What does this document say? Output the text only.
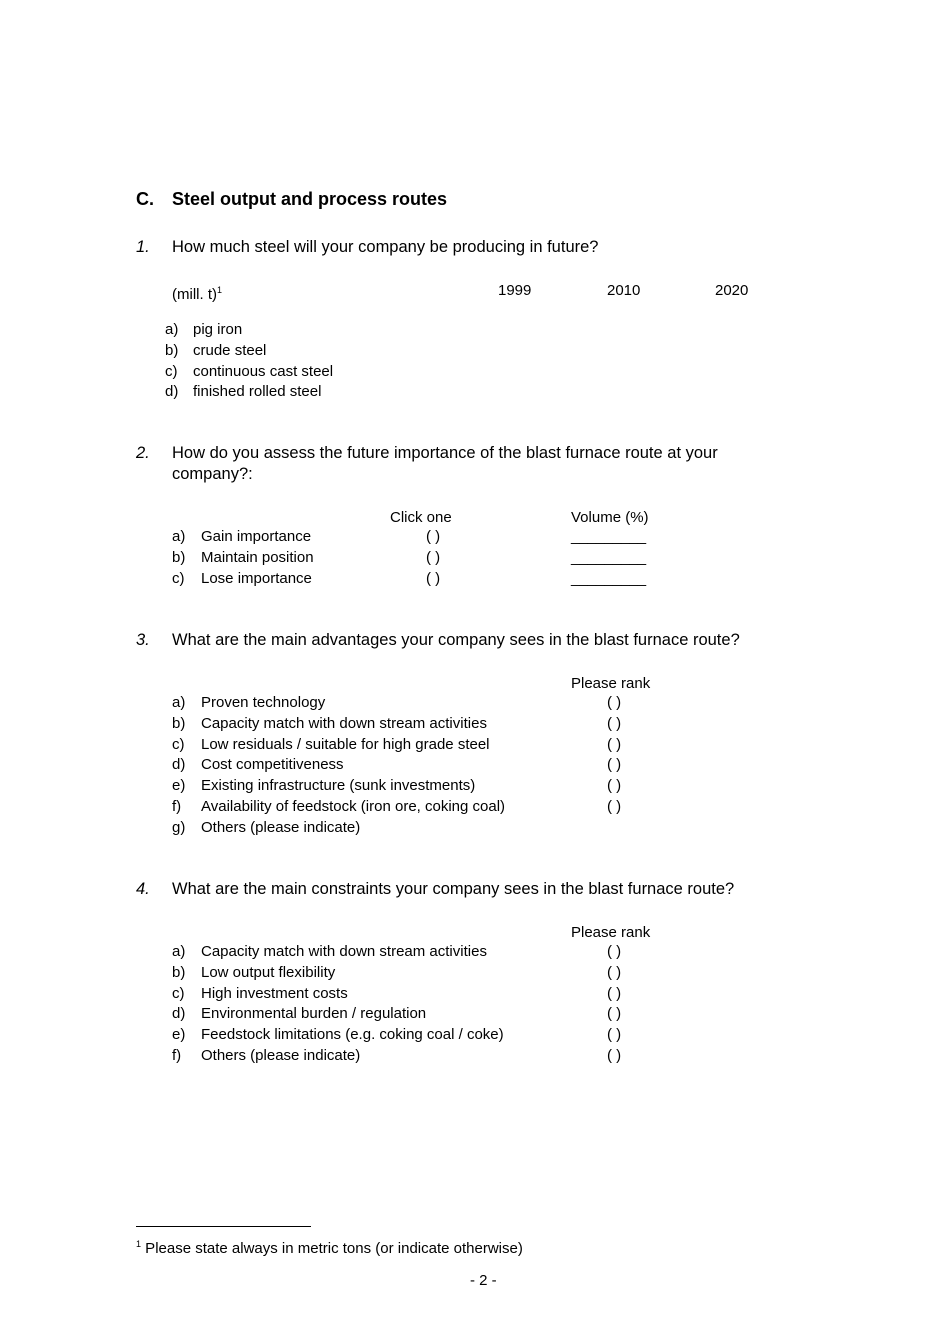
C. Steel output and process routes
1. How much steel will your company be producing in future?
(mill. t)$^1$	1999	2010	2020
a) pig iron
b) crude steel
c) continuous cast steel
d) finished rolled steel
2. How do you assess the future importance of the blast furnace route at your
company?:
Click one	Volume (%)
a) Gain importance	( )	_________
b) Maintain position	( )	_________
c) Lose importance	( )	_________
3. What are the main advantages your company sees in the blast furnace route?
Please rank
a) Proven technology	( )
b) Capacity match with down stream activities	( )
c) Low residuals / suitable for high grade steel	( )
d) Cost competitiveness	( )
e) Existing infrastructure (sunk investments)	( )
f) Availability of feedstock (iron ore, coking coal)	( )
g) Others (please indicate)
4. What are the main constraints your company sees in the blast furnace route?
Please rank
a) Capacity match with down stream activities	( )
b) Low output flexibility	( )
c) High investment costs	( )
d) Environmental burden / regulation	( )
e) Feedstock limitations (e.g. coking coal / coke)	( )
f) Others (please indicate)	( )
$^1$ Please state always in metric tons (or indicate otherwise)
- 2 -
